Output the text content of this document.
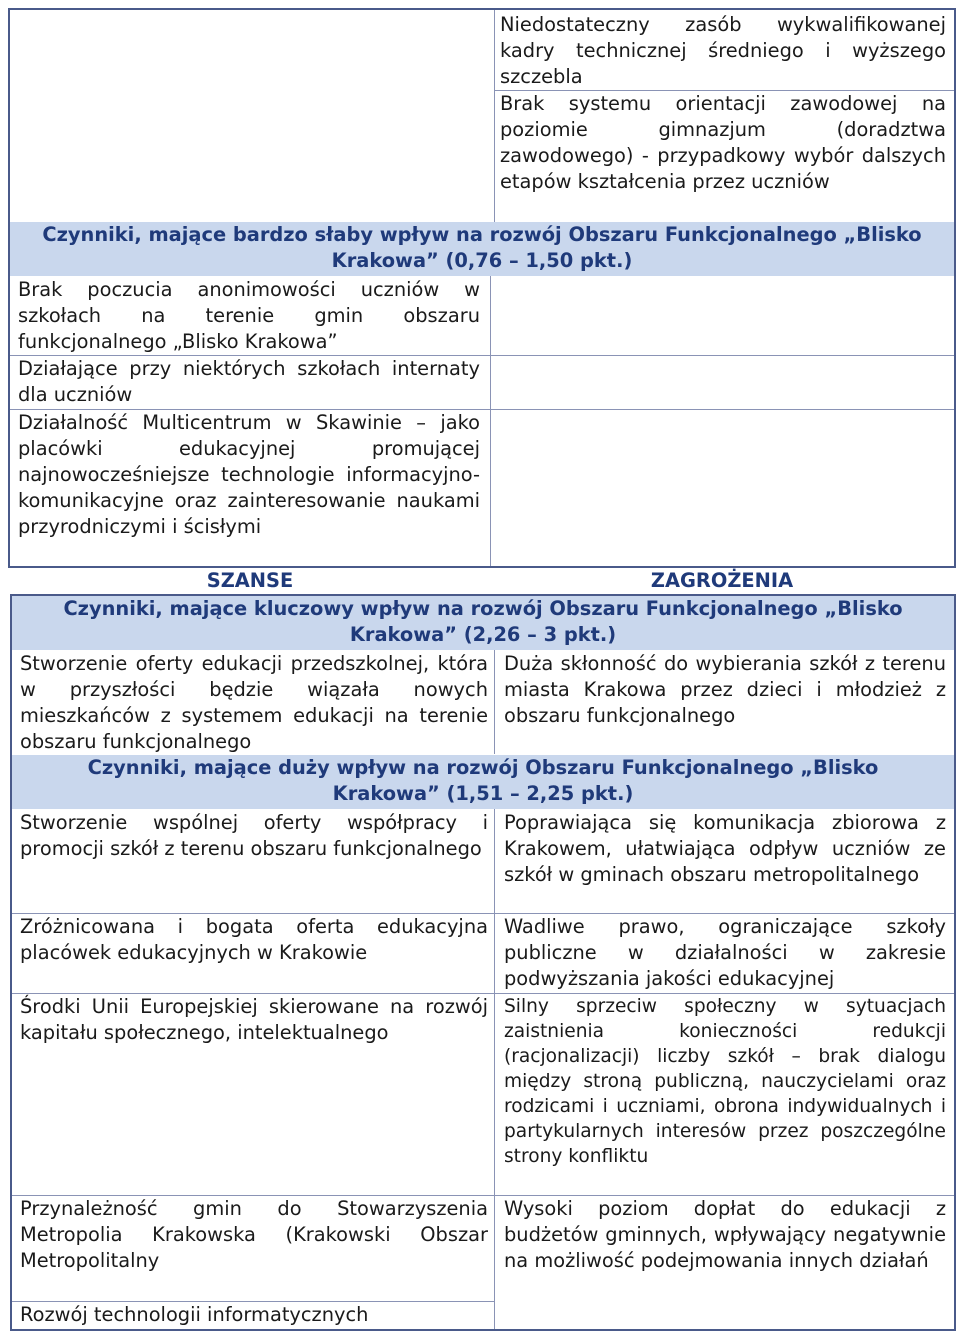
Niedostateczny zasób wykwalifikowanej kadry technicznej średniego i wyższego szczebla
Brak systemu orientacji zawodowej na poziomie gimnazjum (doradztwa zawodowego) - przypadkowy wybór dalszych etapów kształcenia przez uczniów
Czynniki, mające bardzo słaby wpływ na rozwój Obszaru Funkcjonalnego „Blisko Krakowa” (0,76 – 1,50 pkt.)
Brak poczucia anonimowości uczniów w szkołach na terenie gmin obszaru funkcjonalnego „Blisko Krakowa”
Działające przy niektórych szkołach internaty dla uczniów
Działalność Multicentrum w Skawinie – jako placówki edukacyjnej promującej najnowocześniejsze technologie informacyjno-komunikacyjne oraz zainteresowanie naukami przyrodniczymi i ścisłymi
SZANSE	ZAGROŻENIA
Czynniki, mające kluczowy wpływ na rozwój Obszaru Funkcjonalnego „Blisko Krakowa” (2,26 – 3 pkt.)
Stworzenie oferty edukacji przedszkolnej, która w przyszłości będzie wiązała nowych mieszkańców z systemem edukacji na terenie obszaru funkcjonalnego
Duża skłonność do wybierania szkół z terenu miasta Krakowa przez dzieci i młodzież z obszaru funkcjonalnego
Czynniki, mające duży wpływ na rozwój Obszaru Funkcjonalnego „Blisko Krakowa” (1,51 – 2,25 pkt.)
Stworzenie wspólnej oferty współpracy i promocji szkół z terenu obszaru funkcjonalnego
Poprawiająca się komunikacja zbiorowa z Krakowem, ułatwiająca odpływ uczniów ze szkół w gminach obszaru metropolitalnego
Zróżnicowana i bogata oferta edukacyjna placówek edukacyjnych w Krakowie
Wadliwe prawo, ograniczające szkoły publiczne w działalności w zakresie podwyższania jakości edukacyjnej
Środki Unii Europejskiej skierowane na rozwój kapitału społecznego, intelektualnego
Silny sprzeciw społeczny w sytuacjach zaistnienia konieczności redukcji (racjonalizacji) liczby szkół – brak dialogu między stroną publiczną, nauczycielami oraz rodzicami i uczniami, obrona indywidualnych i partykularnych interesów przez poszczególne strony konfliktu
Przynależność gmin do Stowarzyszenia Metropolia Krakowska (Krakowski Obszar Metropolitalny
Wysoki poziom dopłat do edukacji z budżetów gminnych, wpływający negatywnie na możliwość podejmowania innych działań
Rozwój technologii informatycznych
